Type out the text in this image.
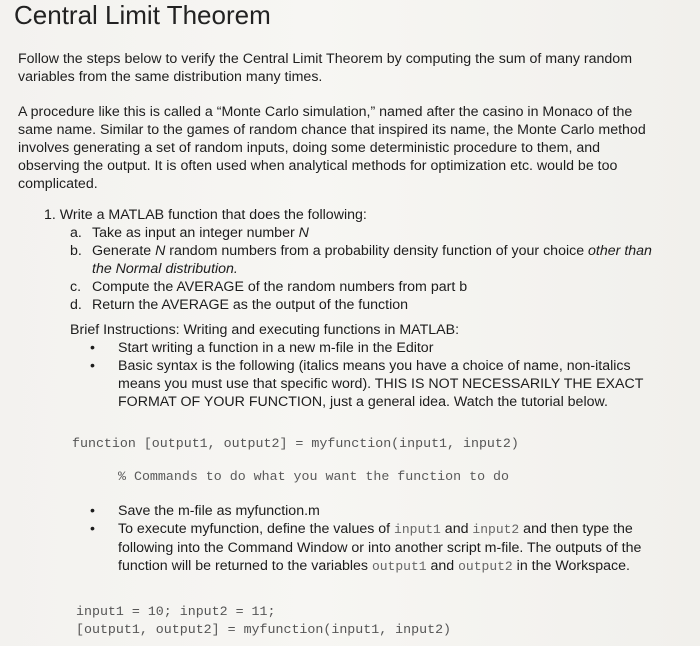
Central Limit Theorem

Follow the steps below to verify the Central Limit Theorem by computing the sum of many random variables from the same distribution many times.

A procedure like this is called a “Monte Carlo simulation,” named after the casino in Monaco of the same name. Similar to the games of random chance that inspired its name, the Monte Carlo method involves generating a set of random inputs, doing some deterministic procedure to them, and observing the output. It is often used when analytical methods for optimization etc. would be too complicated.

1. Write a MATLAB function that does the following:
a. Take as input an integer number N
b. Generate N random numbers from a probability density function of your choice other than the Normal distribution.
c. Compute the AVERAGE of the random numbers from part b
d. Return the AVERAGE as the output of the function
Brief Instructions: Writing and executing functions in MATLAB:
• Start writing a function in a new m-file in the Editor
• Basic syntax is the following (italics means you have a choice of name, non-italics means you must use that specific word). THIS IS NOT NECESSARILY THE EXACT FORMAT OF YOUR FUNCTION, just a general idea. Watch the tutorial below.
function [output1, output2] = myfunction(input1, input2)
% Commands to do what you want the function to do
• Save the m-file as myfunction.m
• To execute myfunction, define the values of input1 and input2 and then type the following into the Command Window or into another script m-file. The outputs of the function will be returned to the variables output1 and output2 in the Workspace.
input1 = 10; input2 = 11;
[output1, output2] = myfunction(input1, input2)
